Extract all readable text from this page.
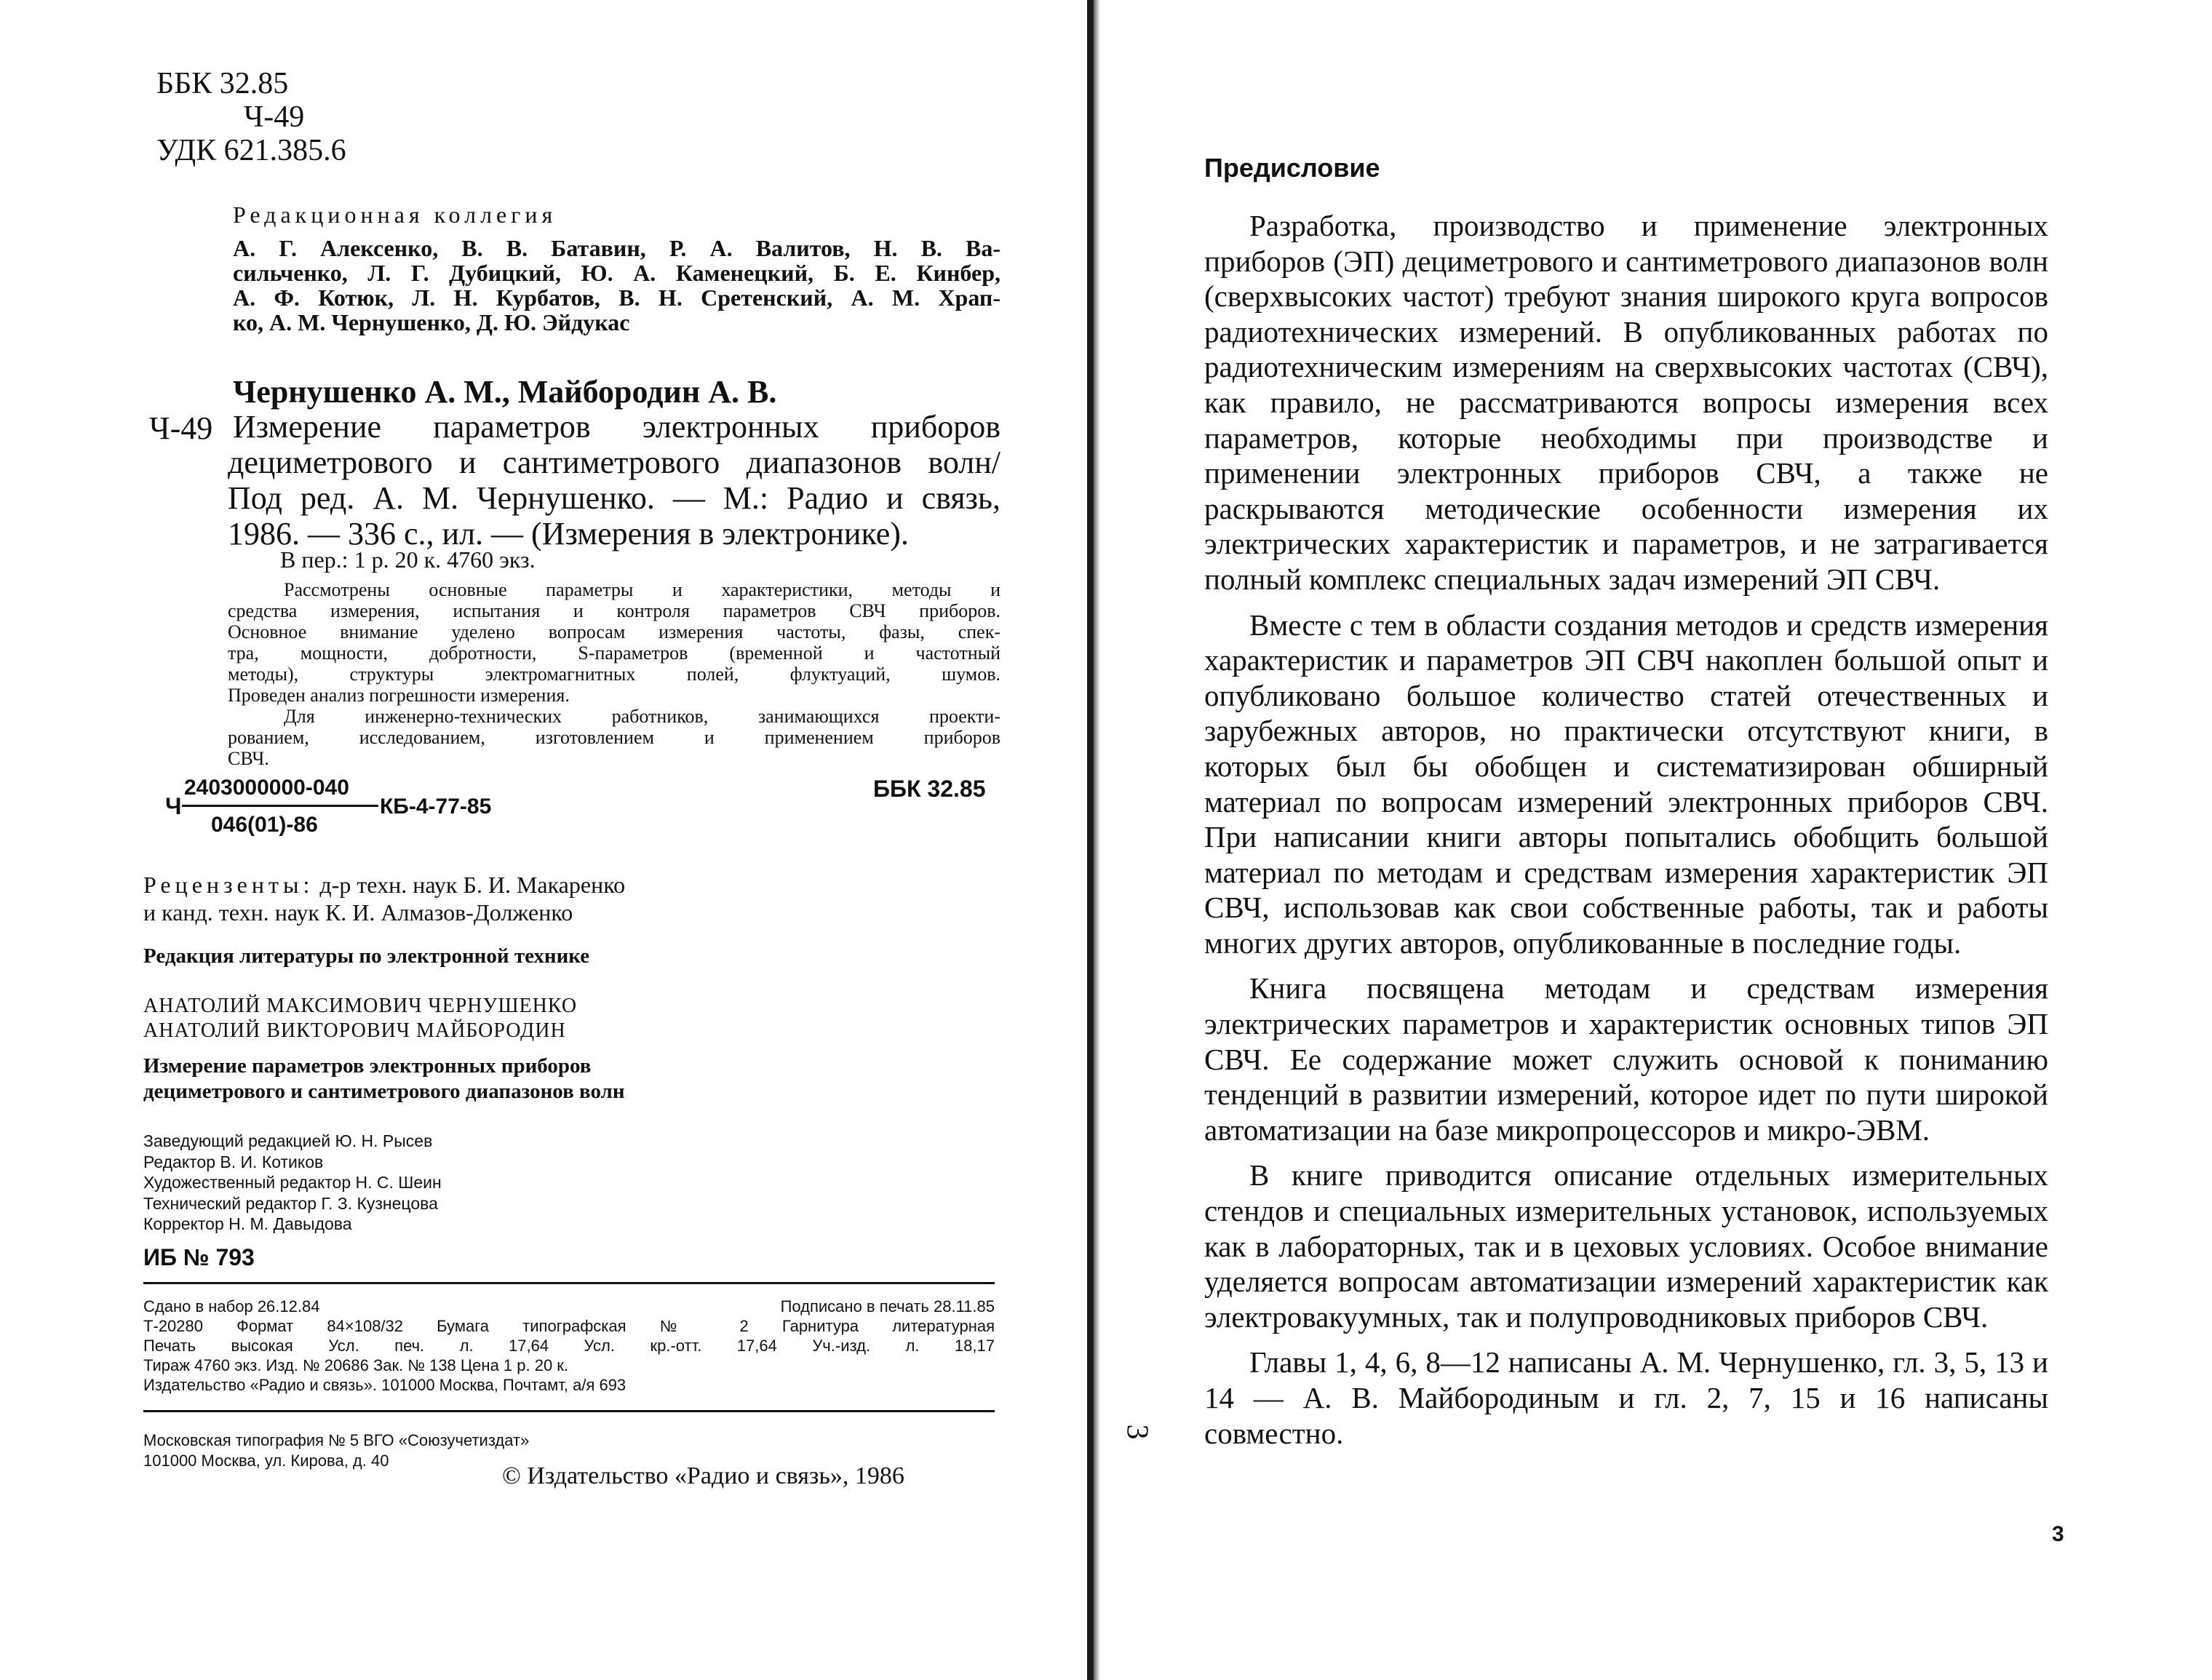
ББК 32.85
Ч-49
УДК 621.385.6
Редакционная коллегия
А. Г. Алексенко, В. В. Батавин, Р. А. Валитов, Н. В. Ва-
сильченко, Л. Г. Дубицкий, Ю. А. Каменецкий, Б. Е. Кинбер,
А. Ф. Котюк, Л. Н. Курбатов, В. Н. Сретенский, А. М. Храп-
ко, А. М. Чернушенко, Д. Ю. Эйдукас
Чернушенко А. М., Майбородин А. В.
Ч-49 Измерение параметров электронных приборов
дециметрового и сантиметрового диапазонов волн/
Под ред. А. М. Чернушенко. — М.: Радио и связь,
1986. — 336 с., ил. — (Измерения в электронике).
В пер.: 1 р. 20 к. 4760 экз.
Рассмотрены основные параметры и характеристики, методы и
средства измерения, испытания и контроля параметров СВЧ приборов.
Основное внимание уделено вопросам измерения частоты, фазы, спек-
тра, мощности, добротности, S-параметров (временной и частотный
методы), структуры электромагнитных полей, флуктуаций, шумов.
Проведен анализ погрешности измерения.
Для инженерно-технических работников, занимающихся проекти-
рованием, исследованием, изготовлением и применением приборов
СВЧ.
Ч
2403000000-040
046(01)-86
КБ-4-77-85
ББК 32.85
Рецензенты: д-р техн. наук Б. И. Макаренко
и канд. техн. наук К. И. Алмазов-Долженко
Редакция литературы по электронной технике
АНАТОЛИЙ МАКСИМОВИЧ ЧЕРНУШЕНКО
АНАТОЛИЙ ВИКТОРОВИЧ МАЙБОРОДИН
Измерение параметров электронных приборов
дециметрового и сантиметрового диапазонов волн
Заведующий редакцией Ю. Н. Рысев
Редактор В. И. Котиков
Художественный редактор Н. С. Шеин
Технический редактор Г. З. Кузнецова
Корректор Н. М. Давыдова
ИБ № 793
Сдано в набор 26.12.84	Подписано в печать 28.11.85
Т-20280 Формат 84×108/32 Бумага типографская № 2 Гарнитура литературная
Печать высокая Усл. печ. л. 17,64 Усл. кр.-отт. 17,64 Уч.-изд. л. 18,17
Тираж 4760 экз. Изд. № 20686 Зак. № 138 Цена 1 р. 20 к.
Издательство «Радио и связь». 101000 Москва, Почтамт, а/я 693
Московская типография № 5 ВГО «Союзучетиздат»
101000 Москва, ул. Кирова, д. 40
© Издательство «Радио и связь», 1986
Предисловие

Разработка, производство и применение электронных приборов (ЭП) дециметрового и сантиметрового диапазонов волн (сверхвысоких частот) требуют знания широкого круга вопросов радиотехнических измерений. В опубликованных работах по радиотехническим измерениям на сверхвысоких частотах (СВЧ), как правило, не рассматриваются вопросы измерения всех параметров, которые необходимы при производстве и применении электронных приборов СВЧ, а также не раскрываются методические особенности измерения их электрических характеристик и параметров, и не затрагивается полный комплекс специальных задач измерений ЭП СВЧ.

Вместе с тем в области создания методов и средств измерения характеристик и параметров ЭП СВЧ накоплен большой опыт и опубликовано большое количество статей отечественных и зарубежных авторов, но практически отсутствуют книги, в которых был бы обобщен и систематизирован обширный материал по вопросам измерений электронных приборов СВЧ. При написании книги авторы попытались обобщить большой материал по методам и средствам измерения характеристик ЭП СВЧ, использовав как свои собственные работы, так и работы многих других авторов, опубликованные в последние годы.

Книга посвящена методам и средствам измерения электрических параметров и характеристик основных типов ЭП СВЧ. Ее содержание может служить основой к пониманию тенденций в развитии измерений, которое идет по пути широкой автоматизации на базе микропроцессоров и микро-ЭВМ.

В книге приводится описание отдельных измерительных стендов и специальных измерительных установок, используемых как в лабораторных, так и в цеховых условиях. Особое внимание уделяется вопросам автоматизации измерений характеристик как электровакуумных, так и полупроводниковых приборов СВЧ.

Главы 1, 4, 6, 8—12 написаны А. М. Чернушенко, гл. 3, 5, 13 и 14 — А. В. Майбородиным и гл. 2, 7, 15 и 16 написаны совместно.

3
3
